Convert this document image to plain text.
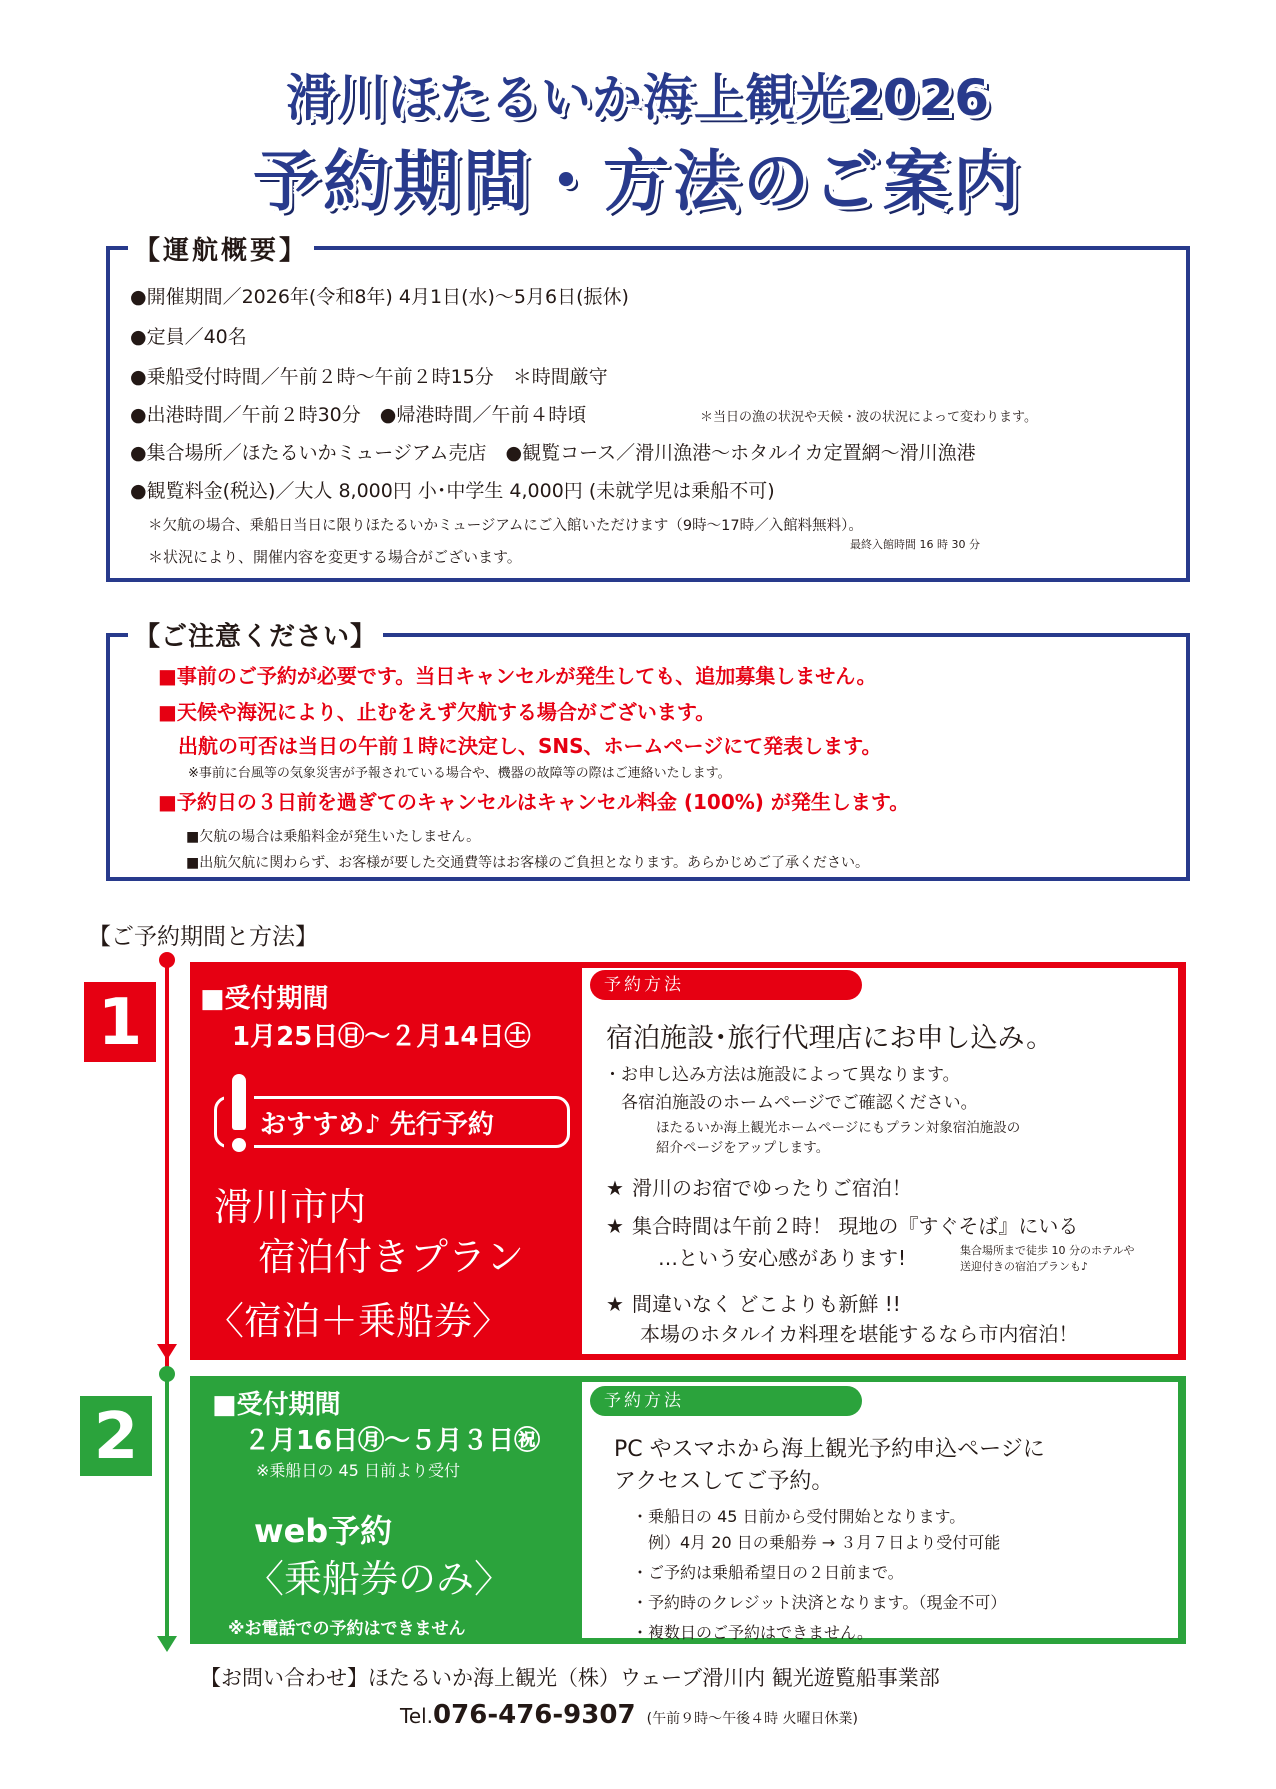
滑川ほたるいか海上観光2026
予約期間・方法のご案内
【運航概要】
●開催期間／2026年(令和8年) 4月1日(水)～5月6日(振休)
●定員／40名
●乗船受付時間／午前２時～午前２時15分　＊時間厳守
●出港時間／午前２時30分　●帰港時間／午前４時頃	＊当日の漁の状況や天候・波の状況によって変わります。
●集合場所／ほたるいかミュージアム売店　●観覧コース／滑川漁港～ホタルイカ定置網～滑川漁港
●観覧料金(税込)／大人 8,000円 小･中学生 4,000円 (未就学児は乗船不可)
＊欠航の場合、乗船日当日に限りほたるいかミュージアムにご入館いただけます（9時～17時／入館料無料）。
＊状況により、開催内容を変更する場合がございます。
最終入館時間 16 時 30 分
【ご注意ください】
■事前のご予約が必要です。当日キャンセルが発生しても、追加募集しません。
■天候や海況により、止むをえず欠航する場合がございます。
　出航の可否は当日の午前１時に決定し、SNS、ホームページにて発表します。
※事前に台風等の気象災害が予報されている場合や、機器の故障等の際はご連絡いたします。
■予約日の３日前を過ぎてのキャンセルはキャンセル料金 (100%) が発生します。
■欠航の場合は乗船料金が発生いたしません。
■出航欠航に関わらず、お客様が要した交通費等はお客様のご負担となります。あらかじめご了承ください。
【ご予約期間と方法】
1	■受付期間
1月25日㊐～２月14日㊏
おすすめ♪ 先行予約
滑川市内
宿泊付きプラン
〈宿泊＋乗船券〉
予約方法
宿泊施設･旅行代理店にお申し込み。
・お申し込み方法は施設によって異なります。
　各宿泊施設のホームページでご確認ください。
ほたるいか海上観光ホームページにもプラン対象宿泊施設の
紹介ページをアップします。
★ 滑川のお宿でゆったりご宿泊！
★ 集合時間は午前２時！ 現地の『すぐそば』にいる
…という安心感があります!	集合場所まで徒歩 10 分のホテルや
送迎付きの宿泊プランも♪
★ 間違いなく どこよりも新鮮 !!
本場のホタルイカ料理を堪能するなら市内宿泊！
2	■受付期間
２月16日㊊～５月３日㊗
※乗船日の 45 日前より受付
web予約
〈乗船券のみ〉
※お電話での予約はできません
予約方法
PC やスマホから海上観光予約申込ページに
アクセスしてご予約。
・乗船日の 45 日前から受付開始となります。
　例）4月 20 日の乗船券 → ３月７日より受付可能
・ご予約は乗船希望日の２日前まで。
・予約時のクレジット決済となります。（現金不可）
・複数日のご予約はできません。
【お問い合わせ】ほたるいか海上観光（株）ウェーブ滑川内 観光遊覧船事業部
Tel.076-476-9307 (午前９時～午後４時 火曜日休業)
